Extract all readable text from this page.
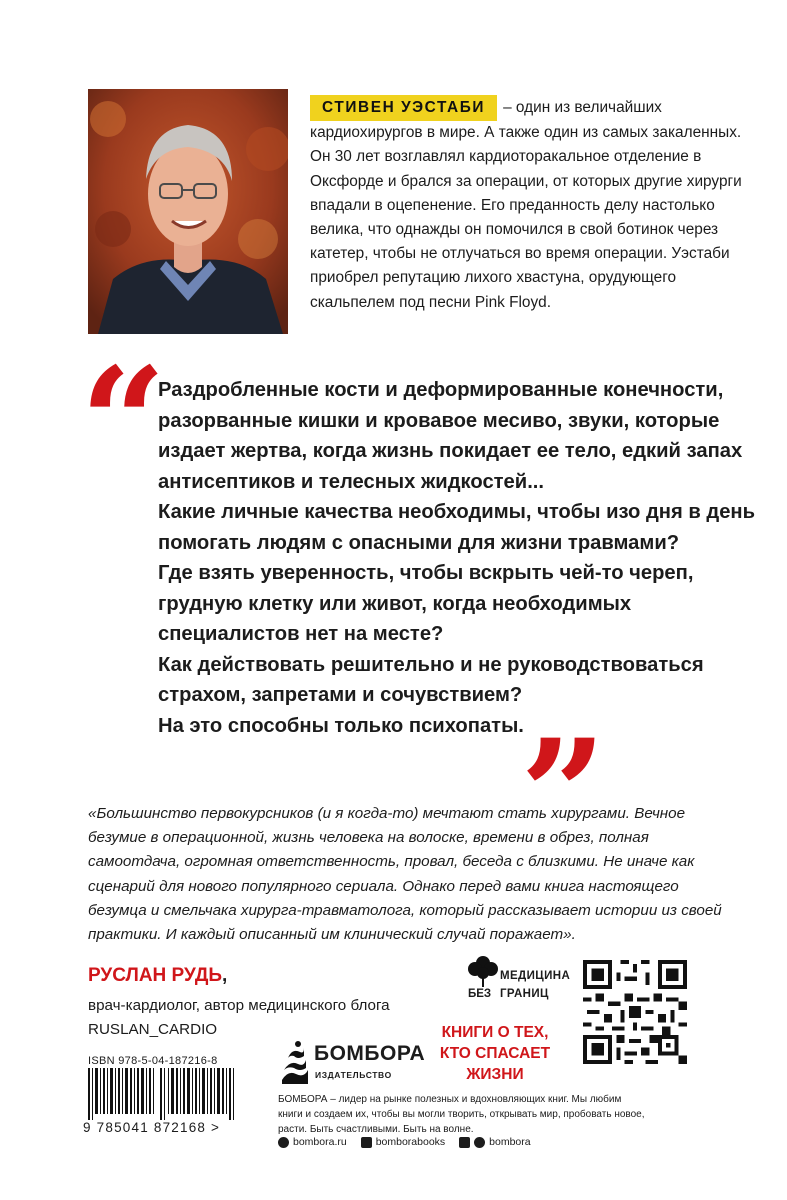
СТИВЕН УЭСТАБИ – один из величайших кардиохирургов в мире. А также один из самых закаленных. Он 30 лет возглавлял кардиоторакальное отделение в Оксфорде и брался за операции, от которых другие хирурги впадали в оцепенение. Его преданность делу настолько велика, что однажды он помочился в свой ботинок через катетер, чтобы не отлучаться во время операции. Уэстаби приобрел репутацию лихого хвастуна, орудующего скальпелем под песни Pink Floyd.
“

Раздробленные кости и деформированные конечности, разорванные кишки и кровавое месиво, звуки, которые издает жертва, когда жизнь покидает ее тело, едкий запах антисептиков и телесных жидкостей...

Какие личные качества необходимы, чтобы изо дня в день помогать людям с опасными для жизни травмами?

Где взять уверенность, чтобы вскрыть чей-то череп, грудную клетку или живот, когда необходимых специалистов нет на месте?

Как действовать решительно и не руководствоваться страхом, запретами и сочувствием?

На это способны только психопаты.

”
«Большинство первокурсников (и я когда-то) мечтают стать хирургами. Вечное безумие в операционной, жизнь человека на волоске, времени в обрез, полная самоотдача, огромная ответственность, провал, беседа с близкими. Не иначе как сценарий для нового популярного сериала. Однако перед вами книга настоящего безумца и смельчака хирурга-травматолога, который рассказывает истории из своей практики. И каждый описанный им клинический случай поражает».
РУСЛАН РУДЬ,
врач-кардиолог, автор медицинского блога RUSLAN_CARDIO
ISBN 978-5-04-187216-8
9 785041 872168 >
БОМБОРА
ИЗДАТЕЛЬСТВО
МЕДИЦИНА
БЕЗ ГРАНИЦ
КНИГИ О ТЕХ, КТО СПАСАЕТ ЖИЗНИ
БОМБОРА – лидер на рынке полезных и вдохновляющих книг. Мы любим книги и создаем их, чтобы вы могли творить, открывать мир, пробовать новое, расти. Быть счастливыми. Быть на волне.
bombora.ru	bomborabooks	bombora
